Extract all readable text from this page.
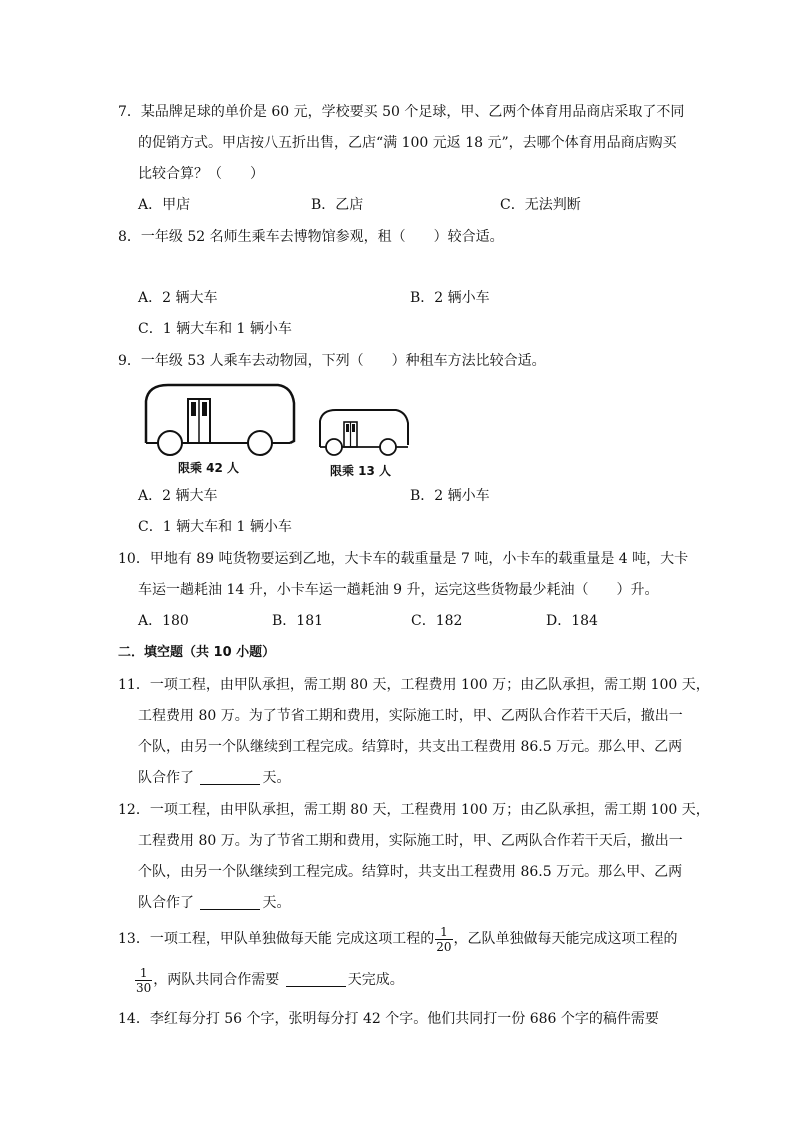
7．某品牌足球的单价是 60 元，学校要买 50 个足球，甲、乙两个体育用品商店采取了不同
的促销方式。甲店按八五折出售，乙店“满 100 元返 18 元”，去哪个体育用品商店购买
比较合算？（　　）
A．甲店	B．乙店	C．无法判断
8．一年级 52 名师生乘车去博物馆参观，租（　　）较合适。
A．2 辆大车	B．2 辆小车
C．1 辆大车和 1 辆小车
9．一年级 53 人乘车去动物园，下列（　　）种租车方法比较合适。
限乘 42 人	限乘 13 人
A．2 辆大车	B．2 辆小车
C．1 辆大车和 1 辆小车
10．甲地有 89 吨货物要运到乙地，大卡车的载重量是 7 吨，小卡车的载重量是 4 吨，大卡
车运一趟耗油 14 升，小卡车运一趟耗油 9 升，运完这些货物最少耗油（　　）升。
A．180	B．181	C．182	D．184
二．填空题（共 10 小题）
11．一项工程，由甲队承担，需工期 80 天，工程费用 100 万；由乙队承担，需工期 100 天，
工程费用 80 万。为了节省工期和费用，实际施工时，甲、乙两队合作若干天后，撤出一
个队，由另一个队继续到工程完成。结算时，共支出工程费用 86.5 万元。那么甲、乙两
队合作了	天。
12．一项工程，由甲队承担，需工期 80 天，工程费用 100 万；由乙队承担，需工期 100 天，
工程费用 80 万。为了节省工期和费用，实际施工时，甲、乙两队合作若干天后，撤出一
个队，由另一个队继续到工程完成。结算时，共支出工程费用 86.5 万元。那么甲、乙两
队合作了	天。
13．一项工程，甲队单独做每天能 完成这项工程的 $\frac{1}{20}$ ，乙队单独做每天能完成这项工程的
$\frac{1}{30}$ ，两队共同合作需要	天完成。
14．李红每分打 56 个字，张明每分打 42 个字。他们共同打一份 686 个字的稿件需要
